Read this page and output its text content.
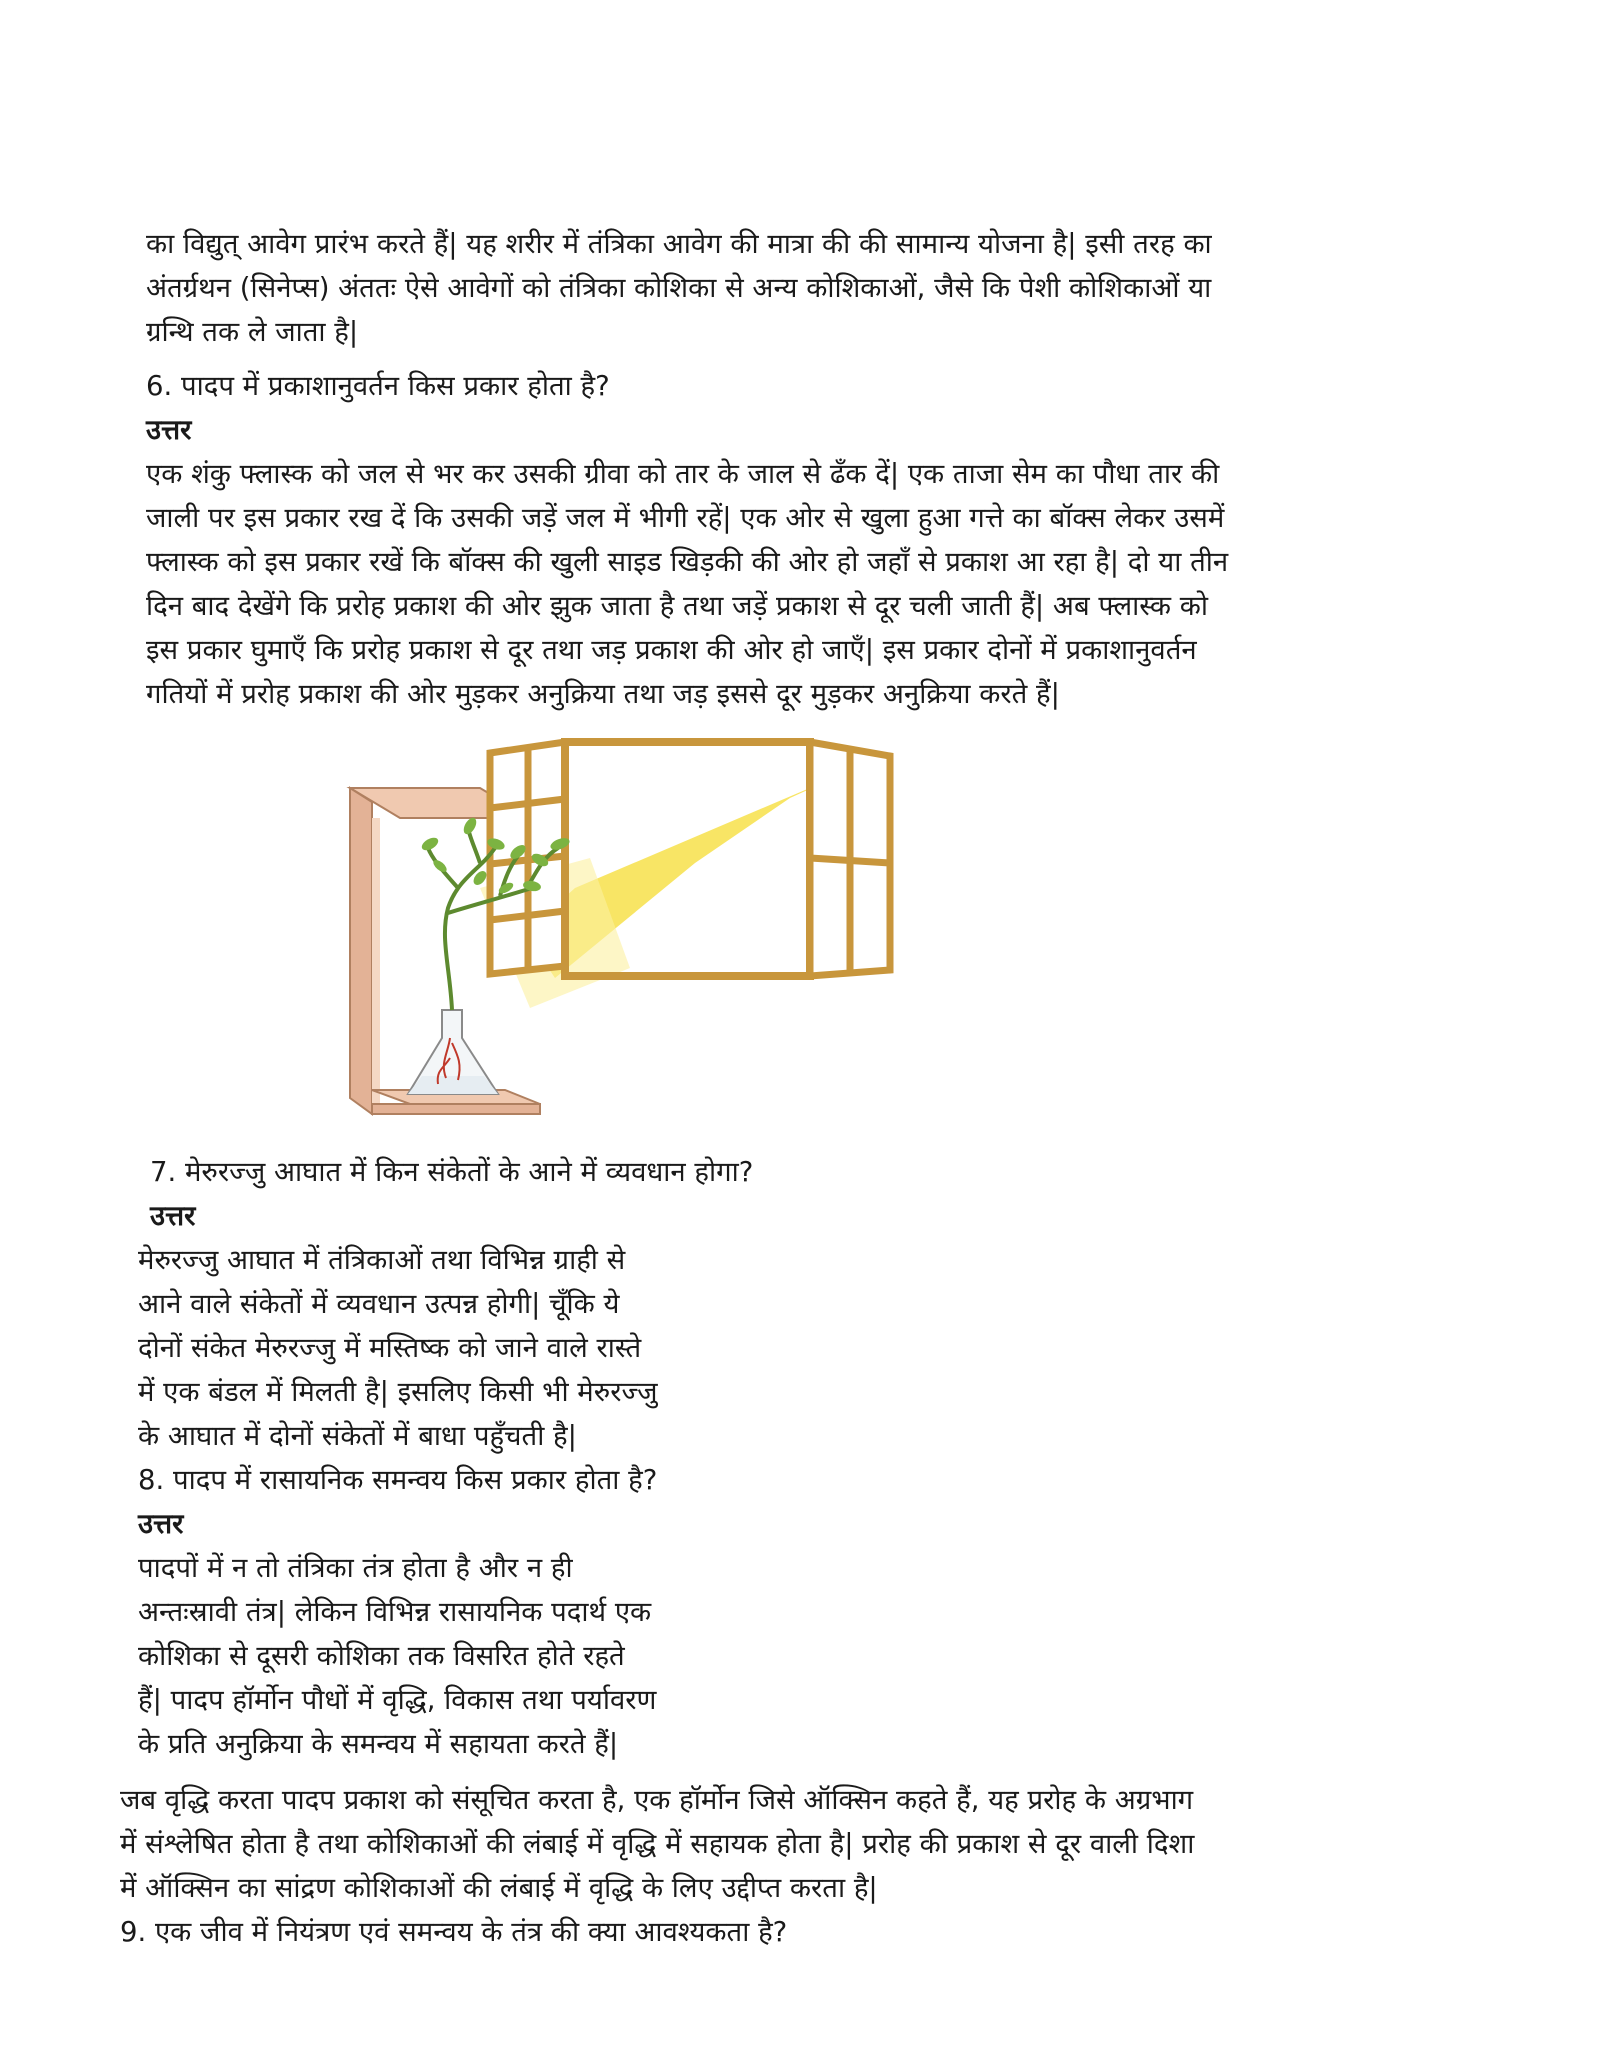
का विद्युत् आवेग प्रारंभ करते हैं| यह शरीर में तंत्रिका आवेग की मात्रा की की सामान्य योजना है| इसी तरह का
अंतर्ग्रथन (सिनेप्स) अंततः ऐसे आवेगों को तंत्रिका कोशिका से अन्य कोशिकाओं, जैसे कि पेशी कोशिकाओं या
ग्रन्थि तक ले जाता है|
6. पादप में प्रकाशानुवर्तन किस प्रकार होता है?
उत्तर
एक शंकु फ्लास्क को जल से भर कर उसकी ग्रीवा को तार के जाल से ढँक दें| एक ताजा सेम का पौधा तार की
जाली पर इस प्रकार रख दें कि उसकी जड़ें जल में भीगी रहें| एक ओर से खुला हुआ गत्ते का बॉक्स लेकर उसमें
फ्लास्क को इस प्रकार रखें कि बॉक्स की खुली साइड खिड़की की ओर हो जहाँ से प्रकाश आ रहा है| दो या तीन
दिन बाद देखेंगे कि प्ररोह प्रकाश की ओर झुक जाता है तथा जड़ें प्रकाश से दूर चली जाती हैं| अब फ्लास्क को
इस प्रकार घुमाएँ कि प्ररोह प्रकाश से दूर तथा जड़ प्रकाश की ओर हो जाएँ| इस प्रकार दोनों में प्रकाशानुवर्तन
गतियों में प्ररोह प्रकाश की ओर मुड़कर अनुक्रिया तथा जड़ इससे दूर मुड़कर अनुक्रिया करते हैं|
7. मेरुरज्जु आघात में किन संकेतों के आने में व्यवधान होगा?
उत्तर
मेरुरज्जु आघात में तंत्रिकाओं तथा विभिन्न ग्राही से
आने वाले संकेतों में व्यवधान उत्पन्न होगी| चूँकि ये
दोनों संकेत मेरुरज्जु में मस्तिष्क को जाने वाले रास्ते
में एक बंडल में मिलती है| इसलिए किसी भी मेरुरज्जु
के आघात में दोनों संकेतों में बाधा पहुँचती है|
8. पादप में रासायनिक समन्वय किस प्रकार होता है?
उत्तर
पादपों में न तो तंत्रिका तंत्र होता है और न ही
अन्तःस्रावी तंत्र| लेकिन विभिन्न रासायनिक पदार्थ एक
कोशिका से दूसरी कोशिका तक विसरित होते रहते
हैं| पादप हॉर्मोन पौधों में वृद्धि, विकास तथा पर्यावरण
के प्रति अनुक्रिया के समन्वय में सहायता करते हैं|
जब वृद्धि करता पादप प्रकाश को संसूचित करता है, एक हॉर्मोन जिसे ऑक्सिन कहते हैं, यह प्ररोह के अग्रभाग
में संश्लेषित होता है तथा कोशिकाओं की लंबाई में वृद्धि में सहायक होता है| प्ररोह की प्रकाश से दूर वाली दिशा
में ऑक्सिन का सांद्रण कोशिकाओं की लंबाई में वृद्धि के लिए उद्दीप्त करता है|
9. एक जीव में नियंत्रण एवं समन्वय के तंत्र की क्या आवश्यकता है?
